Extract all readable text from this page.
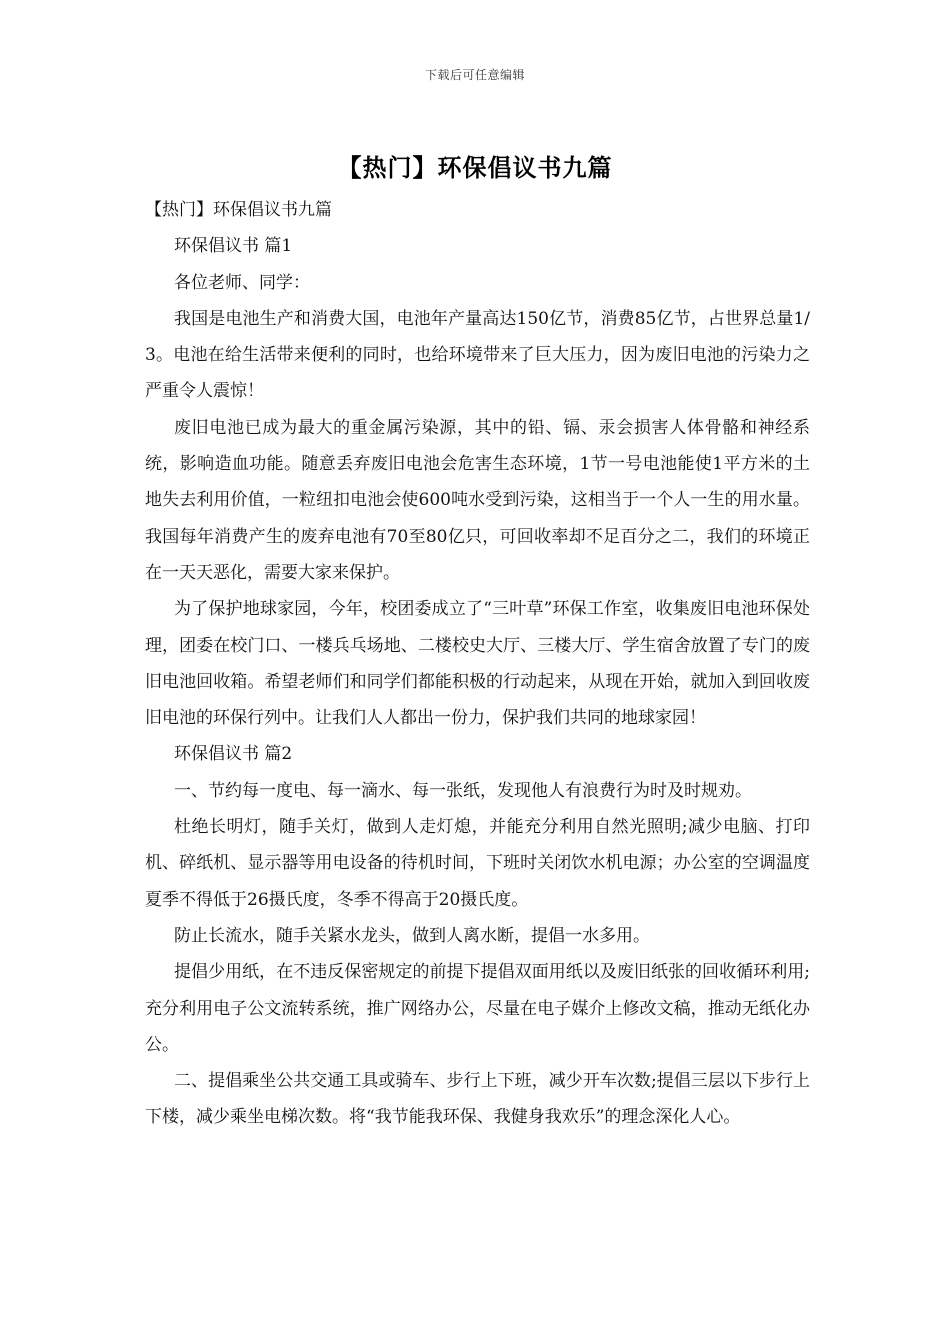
下载后可任意编辑
【热门】环保倡议书九篇

【热门】环保倡议书九篇

环保倡议书 篇1

各位老师、同学：

我国是电池生产和消费大国，电池年产量高达150亿节，消费85亿节，占世界总量1/3。电池在给生活带来便利的同时，也给环境带来了巨大压力，因为废旧电池的污染力之严重令人震惊！

废旧电池已成为最大的重金属污染源，其中的铅、镉、汞会损害人体骨骼和神经系统，影响造血功能。随意丢弃废旧电池会危害生态环境，1节一号电池能使1平方米的土地失去利用价值，一粒纽扣电池会使600吨水受到污染，这相当于一个人一生的用水量。我国每年消费产生的废弃电池有70至80亿只，可回收率却不足百分之二，我们的环境正在一天天恶化，需要大家来保护。

为了保护地球家园，今年，校团委成立了“三叶草”环保工作室，收集废旧电池环保处理，团委在校门口、一楼兵乓场地、二楼校史大厅、三楼大厅、学生宿舍放置了专门的废旧电池回收箱。希望老师们和同学们都能积极的行动起来，从现在开始，就加入到回收废旧电池的环保行列中。让我们人人都出一份力，保护我们共同的地球家园！

环保倡议书 篇2

一、节约每一度电、每一滴水、每一张纸，发现他人有浪费行为时及时规劝。

杜绝长明灯，随手关灯，做到人走灯熄，并能充分利用自然光照明;减少电脑、打印机、碎纸机、显示器等用电设备的待机时间，下班时关闭饮水机电源；办公室的空调温度夏季不得低于26摄氏度，冬季不得高于20摄氏度。

防止长流水，随手关紧水龙头，做到人离水断，提倡一水多用。

提倡少用纸，在不违反保密规定的前提下提倡双面用纸以及废旧纸张的回收循环利用;充分利用电子公文流转系统，推广网络办公，尽量在电子媒介上修改文稿，推动无纸化办公。

二、提倡乘坐公共交通工具或骑车、步行上下班，减少开车次数;提倡三层以下步行上下楼，减少乘坐电梯次数。将“我节能我环保、我健身我欢乐”的理念深化人心。
